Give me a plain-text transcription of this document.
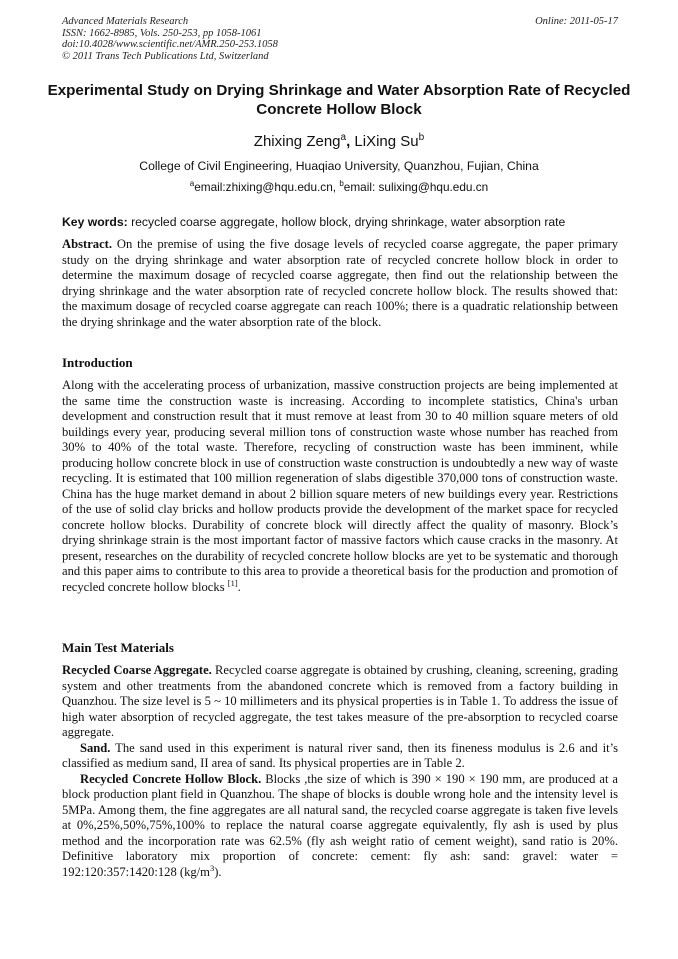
Advanced Materials Research
ISSN: 1662-8985, Vols. 250-253, pp 1058-1061
doi:10.4028/www.scientific.net/AMR.250-253.1058
© 2011 Trans Tech Publications Ltd, Switzerland
Online: 2011-05-17
Experimental Study on Drying Shrinkage and Water Absorption Rate of Recycled Concrete Hollow Block
Zhixing Zeng$^a$, LiXing Su$^b$
College of Civil Engineering, Huaqiao University, Quanzhou, Fujian, China
$^a$email:zhixing@hqu.edu.cn, $^b$email: sulixing@hqu.edu.cn
Key words: recycled coarse aggregate, hollow block, drying shrinkage, water absorption rate
Abstract. On the premise of using the five dosage levels of recycled coarse aggregate, the paper primary study on the drying shrinkage and water absorption rate of recycled concrete hollow block in order to determine the maximum dosage of recycled coarse aggregate, then find out the relationship between the drying shrinkage and the water absorption rate of recycled concrete hollow block. The results showed that: the maximum dosage of recycled coarse aggregate can reach 100%; there is a quadratic relationship between the drying shrinkage and the water absorption rate of the block.
Introduction
Along with the accelerating process of urbanization, massive construction projects are being implemented at the same time the construction waste is increasing. According to incomplete statistics, China's urban development and construction result that it must remove at least from 30 to 40 million square meters of old buildings every year, producing several million tons of construction waste whose number has reached from 30% to 40% of the total waste. Therefore, recycling of construction waste has been imminent, while producing hollow concrete block in use of construction waste construction is undoubtedly a new way of waste recycling. It is estimated that 100 million regeneration of slabs digestible 370,000 tons of construction waste. China has the huge market demand in about 2 billion square meters of new buildings every year. Restrictions of the use of solid clay bricks and hollow products provide the development of the market space for recycled concrete hollow blocks. Durability of concrete block will directly affect the quality of masonry. Block’s drying shrinkage strain is the most important factor of massive factors which cause cracks in the masonry. At present, researches on the durability of recycled concrete hollow blocks are yet to be systematic and thorough and this paper aims to contribute to this area to provide a theoretical basis for the production and promotion of recycled concrete hollow blocks [1].
Main Test Materials
Recycled Coarse Aggregate. Recycled coarse aggregate is obtained by crushing, cleaning, screening, grading system and other treatments from the abandoned concrete which is removed from a factory building in Quanzhou. The size level is 5 ~ 10 millimeters and its physical properties is in Table 1. To address the issue of high water absorption of recycled aggregate, the test takes measure of the pre-absorption to recycled coarse aggregate.
Sand. The sand used in this experiment is natural river sand, then its fineness modulus is 2.6 and it’s classified as medium sand, II area of sand. Its physical properties are in Table 2.
Recycled Concrete Hollow Block. Blocks ,the size of which is 390 × 190 × 190 mm, are produced at a block production plant field in Quanzhou. The shape of blocks is double wrong hole and the intensity level is 5MPa. Among them, the fine aggregates are all natural sand, the recycled coarse aggregate is taken five levels at 0%,25%,50%,75%,100% to replace the natural coarse aggregate equivalently, fly ash is used by plus method and the incorporation rate was 62.5% (fly ash weight ratio of cement weight), sand ratio is 20%. Definitive laboratory mix proportion of concrete: cement: fly ash: sand: gravel: water = 192:120:357:1420:128 $(kg/m^3)$.
